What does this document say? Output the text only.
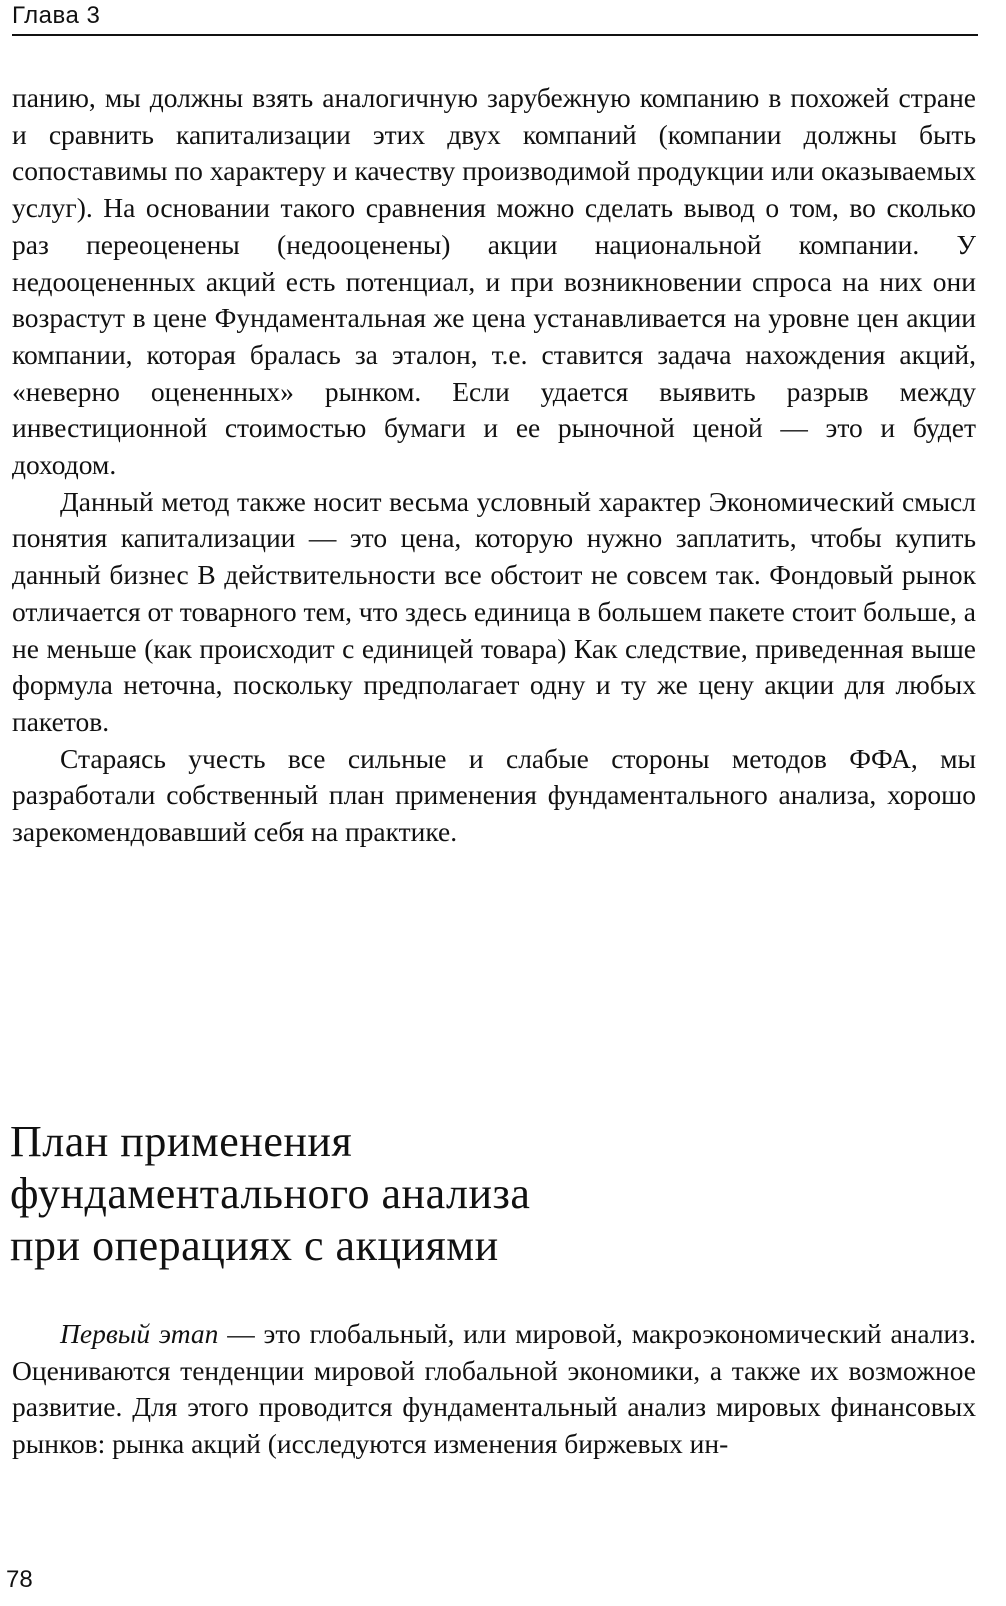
Глава 3

панию, мы должны взять аналогичную зарубежную компанию в похожей стране и сравнить капитализации этих двух компаний (компании должны быть сопоставимы по характеру и качеству производимой продукции или оказываемых услуг). На основании такого сравнения можно сделать вывод о том, во сколько раз переоценены (недооценены) акции национальной компании. У недооцененных акций есть потенциал, и при возникновении спроса на них они возрастут в цене Фундаментальная же цена устанавливается на уровне цен акции компании, которая бралась за эталон, т.е. ставится задача нахождения акций, «неверно оцененных» рынком. Если удается выявить разрыв между инвестиционной стоимостью бумаги и ее рыночной ценой — это и будет доходом.

Данный метод также носит весьма условный характер Экономический смысл понятия капитализации — это цена, которую нужно заплатить, чтобы купить данный бизнес В действительности все обстоит не совсем так. Фондовый рынок отличается от товарного тем, что здесь единица в большем пакете стоит больше, а не меньше (как происходит с единицей товара) Как следствие, приведенная выше формула неточна, поскольку предполагает одну и ту же цену акции для любых пакетов.

Стараясь учесть все сильные и слабые стороны методов ФФА, мы разработали собственный план применения фундаментального анализа, хорошо зарекомендовавший себя на практике.

План применения
фундаментального анализа
при операциях с акциями

Первый этап — это глобальный, или мировой, макроэкономический анализ. Оцениваются тенденции мировой глобальной экономики, а также их возможное развитие. Для этого проводится фундаментальный анализ мировых финансовых рынков: рынка акций (исследуются изменения биржевых ин-

78
